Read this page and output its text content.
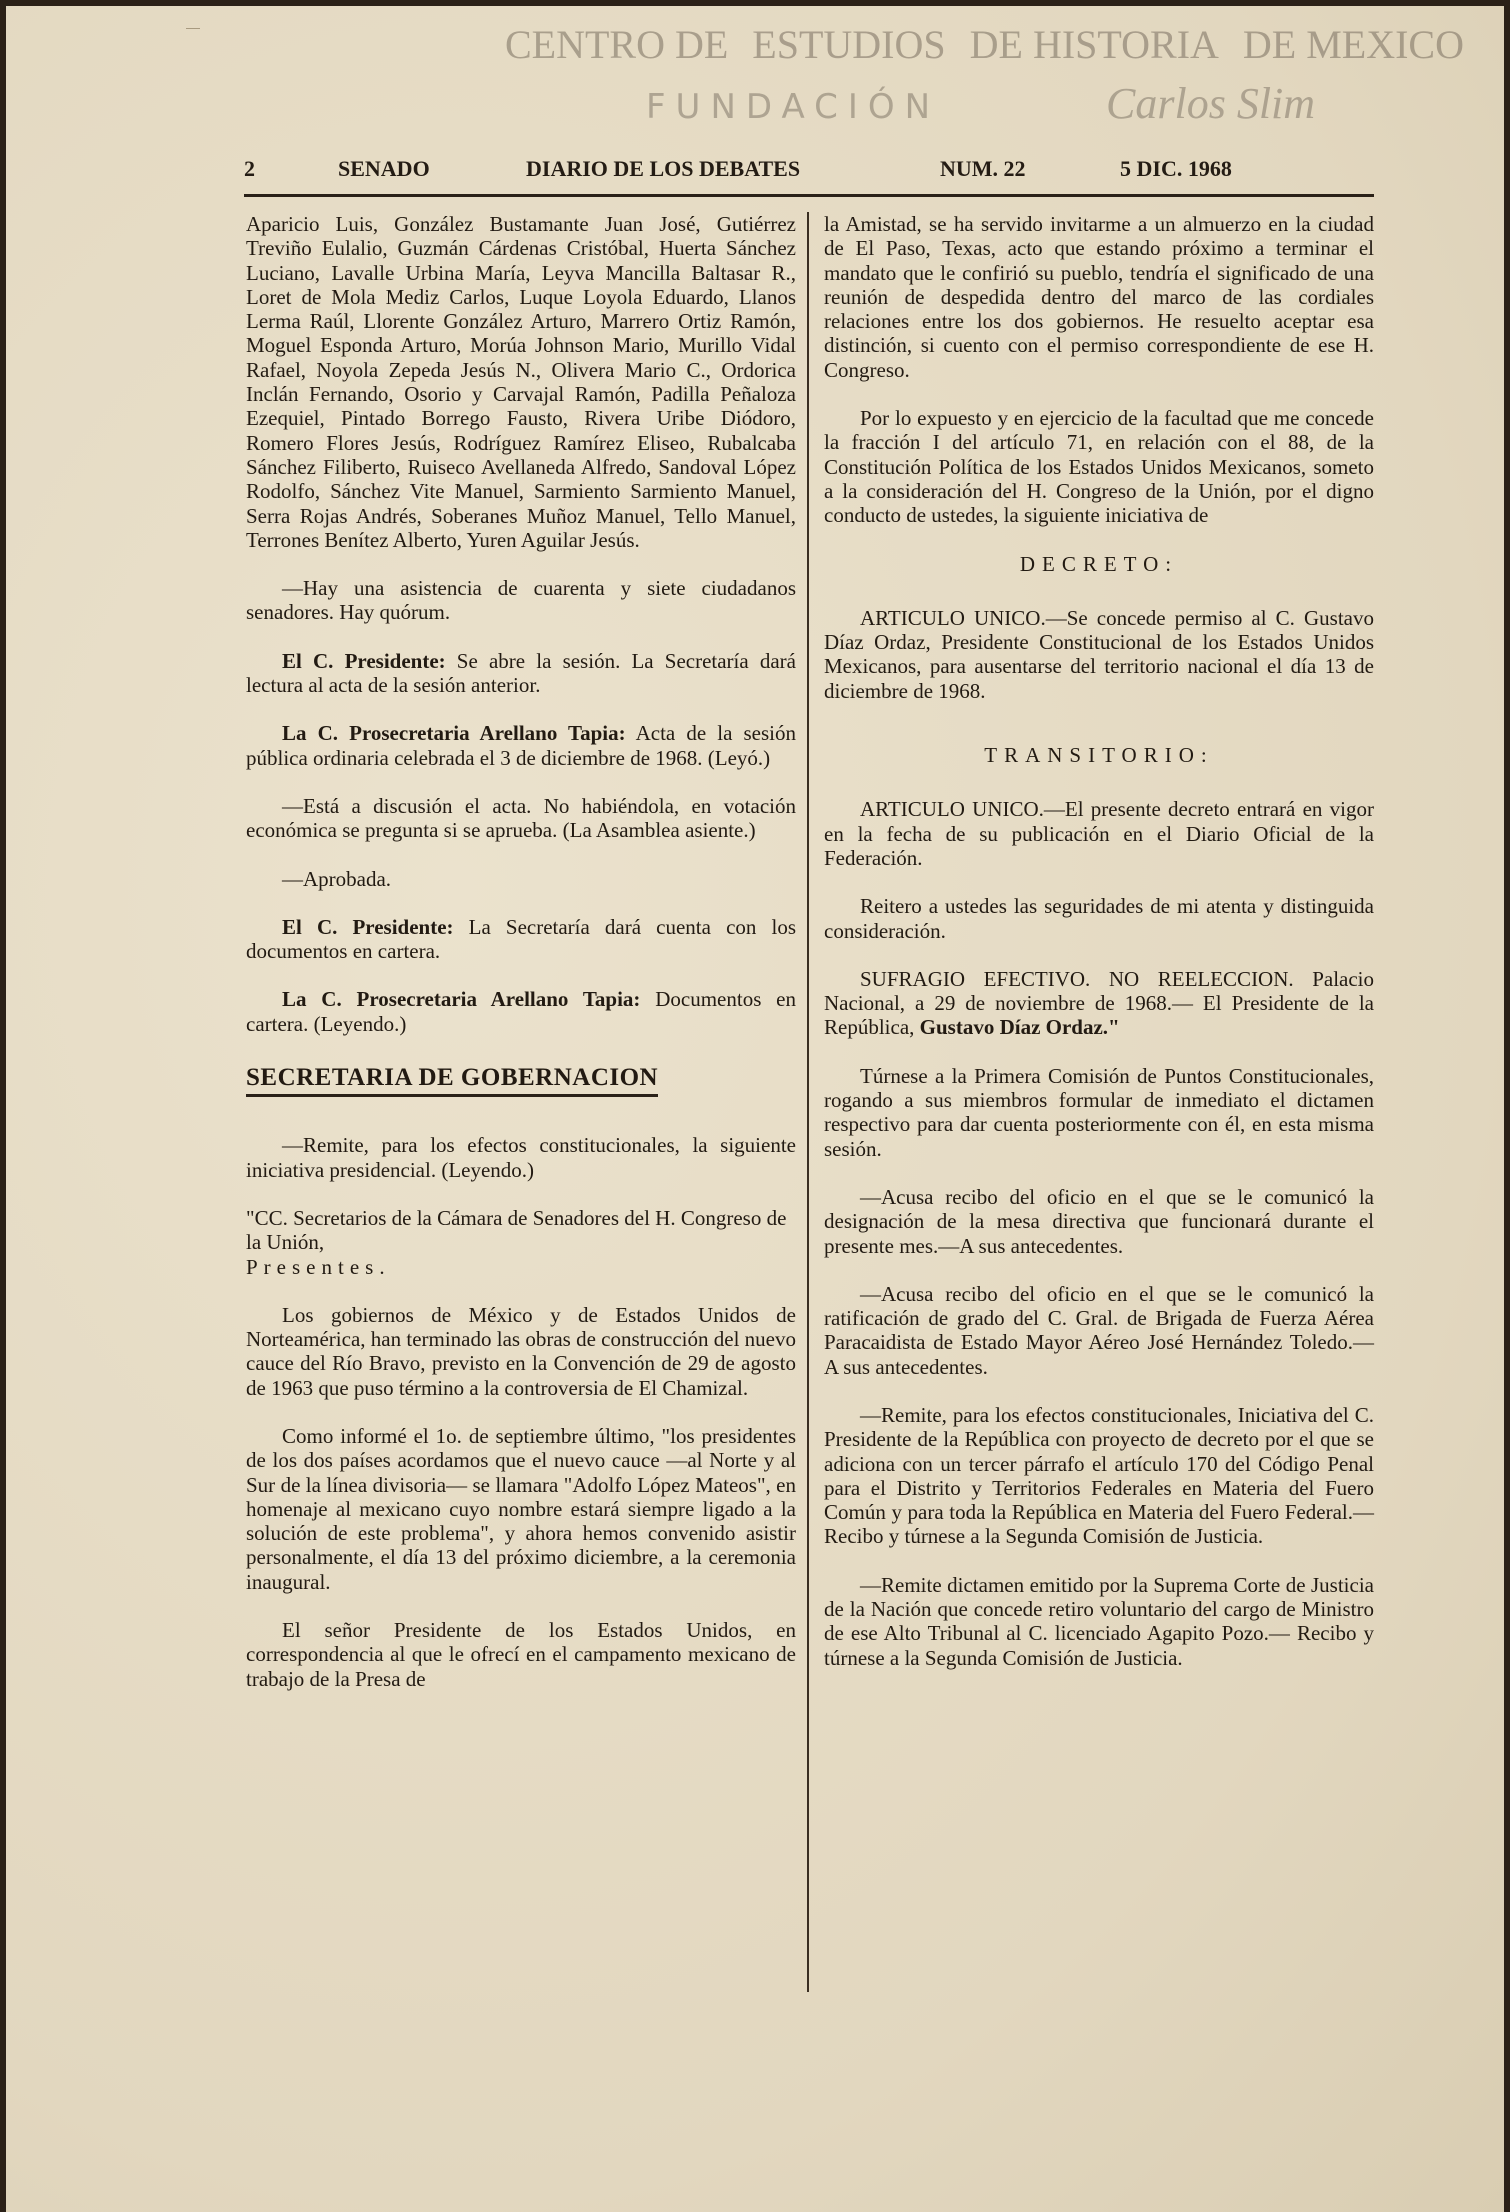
2	SENADO	DIARIO DE LOS DEBATES	NUM. 22	5 DIC. 1968

Aparicio Luis, González Bustamante Juan José, Gutiérrez Treviño Eulalio, Guzmán Cárdenas Cristóbal, Huerta Sánchez Luciano, Lavalle Urbina María, Leyva Mancilla Baltasar R., Loret de Mola Mediz Carlos, Luque Loyola Eduardo, Llanos Lerma Raúl, Llorente González Arturo, Marrero Ortiz Ramón, Moguel Esponda Arturo, Morúa Johnson Mario, Murillo Vidal Rafael, Noyola Zepeda Jesús N., Olivera Mario C., Ordorica Inclán Fernando, Osorio y Carvajal Ramón, Padilla Peñaloza Ezequiel, Pintado Borrego Fausto, Rivera Uribe Diódoro, Romero Flores Jesús, Rodríguez Ramírez Eliseo, Rubalcaba Sánchez Filiberto, Ruiseco Avellaneda Alfredo, Sandoval López Rodolfo, Sánchez Vite Manuel, Sarmiento Sarmiento Manuel, Serra Rojas Andrés, Soberanes Muñoz Manuel, Tello Manuel, Terrones Benítez Alberto, Yuren Aguilar Jesús.

—Hay una asistencia de cuarenta y siete ciudadanos senadores. Hay quórum.

El C. Presidente: Se abre la sesión. La Secretaría dará lectura al acta de la sesión anterior.

La C. Prosecretaria Arellano Tapia: Acta de la sesión pública ordinaria celebrada el 3 de diciembre de 1968. (Leyó.)

—Está a discusión el acta. No habiéndola, en votación económica se pregunta si se aprueba. (La Asamblea asiente.)

—Aprobada.

El C. Presidente: La Secretaría dará cuenta con los documentos en cartera.

La C. Prosecretaria Arellano Tapia: Documentos en cartera. (Leyendo.)

SECRETARIA DE GOBERNACION

—Remite, para los efectos constitucionales, la siguiente iniciativa presidencial. (Leyendo.)

"CC. Secretarios de la Cámara de Senadores del H. Congreso de la Unión,
Presentes.

Los gobiernos de México y de Estados Unidos de Norteamérica, han terminado las obras de construcción del nuevo cauce del Río Bravo, previsto en la Convención de 29 de agosto de 1963 que puso término a la controversia de El Chamizal.

Como informé el 1o. de septiembre último, "los presidentes de los dos países acordamos que el nuevo cauce —al Norte y al Sur de la línea divisoria— se llamara "Adolfo López Mateos", en homenaje al mexicano cuyo nombre estará siempre ligado a la solución de este problema", y ahora hemos convenido asistir personalmente, el día 13 del próximo diciembre, a la ceremonia inaugural.

El señor Presidente de los Estados Unidos, en correspondencia al que le ofrecí en el campamento mexicano de trabajo de la Presa de

la Amistad, se ha servido invitarme a un almuerzo en la ciudad de El Paso, Texas, acto que estando próximo a terminar el mandato que le confirió su pueblo, tendría el significado de una reunión de despedida dentro del marco de las cordiales relaciones entre los dos gobiernos. He resuelto aceptar esa distinción, si cuento con el permiso correspondiente de ese H. Congreso.

Por lo expuesto y en ejercicio de la facultad que me concede la fracción I del artículo 71, en relación con el 88, de la Constitución Política de los Estados Unidos Mexicanos, someto a la consideración del H. Congreso de la Unión, por el digno conducto de ustedes, la siguiente iniciativa de

DECRETO:

ARTICULO UNICO.—Se concede permiso al C. Gustavo Díaz Ordaz, Presidente Constitucional de los Estados Unidos Mexicanos, para ausentarse del territorio nacional el día 13 de diciembre de 1968.

TRANSITORIO:

ARTICULO UNICO.—El presente decreto entrará en vigor en la fecha de su publicación en el Diario Oficial de la Federación.

Reitero a ustedes las seguridades de mi atenta y distinguida consideración.

SUFRAGIO EFECTIVO. NO REELECCION. Palacio Nacional, a 29 de noviembre de 1968.— El Presidente de la República, Gustavo Díaz Ordaz."

Túrnese a la Primera Comisión de Puntos Constitucionales, rogando a sus miembros formular de inmediato el dictamen respectivo para dar cuenta posteriormente con él, en esta misma sesión.

—Acusa recibo del oficio en el que se le comunicó la designación de la mesa directiva que funcionará durante el presente mes.—A sus antecedentes.

—Acusa recibo del oficio en el que se le comunicó la ratificación de grado del C. Gral. de Brigada de Fuerza Aérea Paracaidista de Estado Mayor Aéreo José Hernández Toledo.— A sus antecedentes.

—Remite, para los efectos constitucionales, Iniciativa del C. Presidente de la República con proyecto de decreto por el que se adiciona con un tercer párrafo el artículo 170 del Código Penal para el Distrito y Territorios Federales en Materia del Fuero Común y para toda la República en Materia del Fuero Federal.—Recibo y túrnese a la Segunda Comisión de Justicia.

—Remite dictamen emitido por la Suprema Corte de Justicia de la Nación que concede retiro voluntario del cargo de Ministro de ese Alto Tribunal al C. licenciado Agapito Pozo.— Recibo y túrnese a la Segunda Comisión de Justicia.

CENTRO DE ESTUDIOS DE HISTORIA DE MEXICO
FUNDACIÓN	Carlos Slim
